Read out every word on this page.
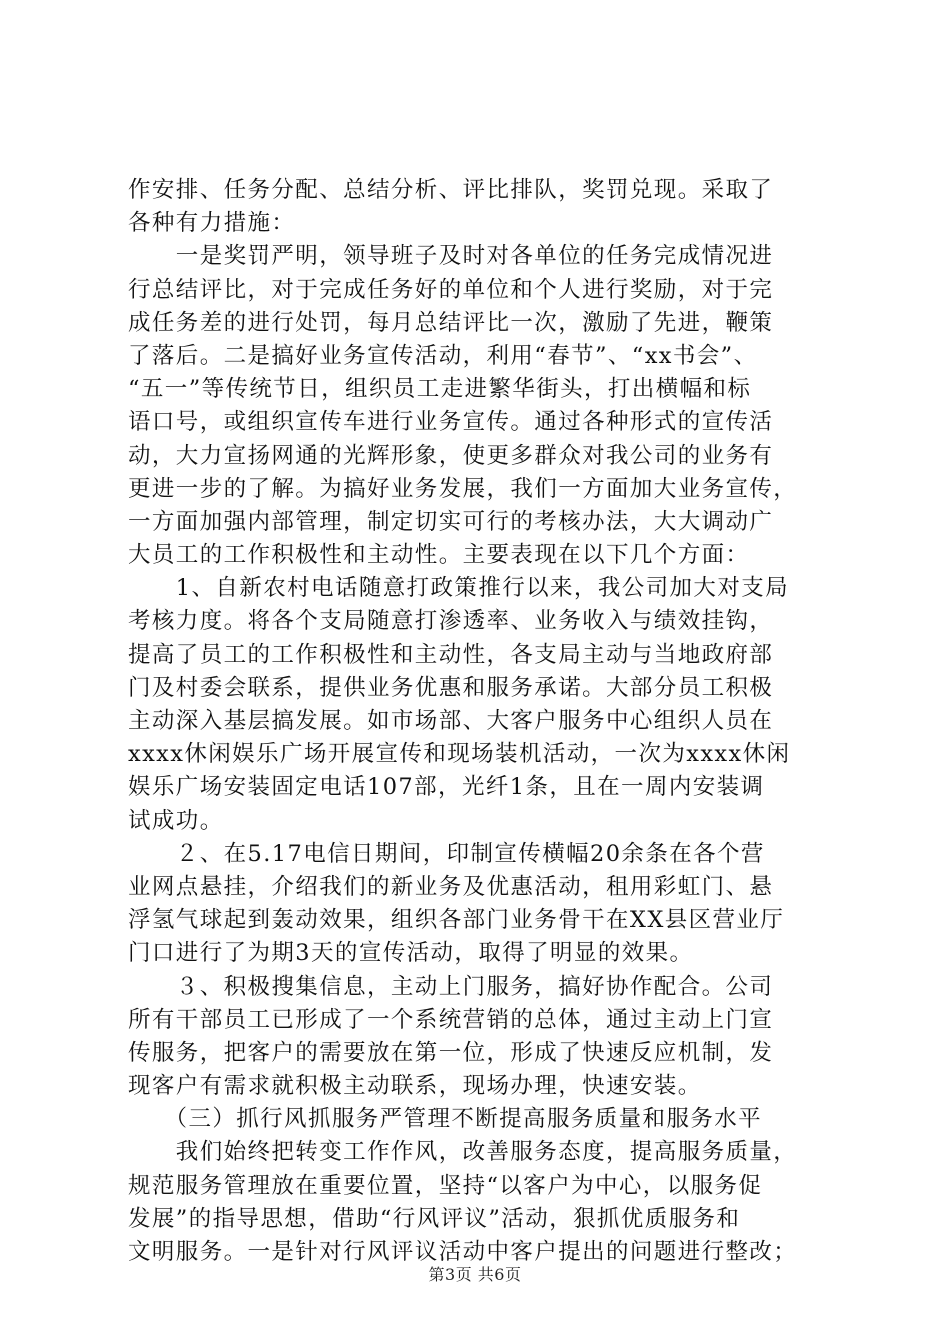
作安排、任务分配、总结分析、评比排队，奖罚兑现。采取了
各种有力措施：
　　一是奖罚严明，领导班子及时对各单位的任务完成情况进
行总结评比，对于完成任务好的单位和个人进行奖励，对于完
成任务差的进行处罚，每月总结评比一次，激励了先进，鞭策
了落后。二是搞好业务宣传活动，利用“春节”、“xx书会”、
“五一”等传统节日，组织员工走进繁华街头，打出横幅和标
语口号，或组织宣传车进行业务宣传。通过各种形式的宣传活
动，大力宣扬网通的光辉形象，使更多群众对我公司的业务有
更进一步的了解。为搞好业务发展，我们一方面加大业务宣传，
一方面加强内部管理，制定切实可行的考核办法，大大调动广
大员工的工作积极性和主动性。主要表现在以下几个方面：
　　1、自新农村电话随意打政策推行以来，我公司加大对支局
考核力度。将各个支局随意打渗透率、业务收入与绩效挂钩，
提高了员工的工作积极性和主动性，各支局主动与当地政府部
门及村委会联系，提供业务优惠和服务承诺。大部分员工积极
主动深入基层搞发展。如市场部、大客户服务中心组织人员在
xxxx休闲娱乐广场开展宣传和现场装机活动，一次为xxxx休闲
娱乐广场安装固定电话107部，光纤1条，且在一周内安装调
试成功。
　　２、在5.17电信日期间，印制宣传横幅20余条在各个营
业网点悬挂，介绍我们的新业务及优惠活动，租用彩虹门、悬
浮氢气球起到轰动效果，组织各部门业务骨干在XX县区营业厅
门口进行了为期3天的宣传活动，取得了明显的效果。
　　３、积极搜集信息，主动上门服务，搞好协作配合。公司
所有干部员工已形成了一个系统营销的总体，通过主动上门宣
传服务，把客户的需要放在第一位，形成了快速反应机制，发
现客户有需求就积极主动联系，现场办理，快速安装。
　　（三）抓行风抓服务严管理不断提高服务质量和服务水平
　　我们始终把转变工作作风，改善服务态度，提高服务质量，
规范服务管理放在重要位置，坚持“以客户为中心，以服务促
发展”的指导思想，借助“行风评议”活动，狠抓优质服务和
文明服务。一是针对行风评议活动中客户提出的问题进行整改；
第3页 共6页
